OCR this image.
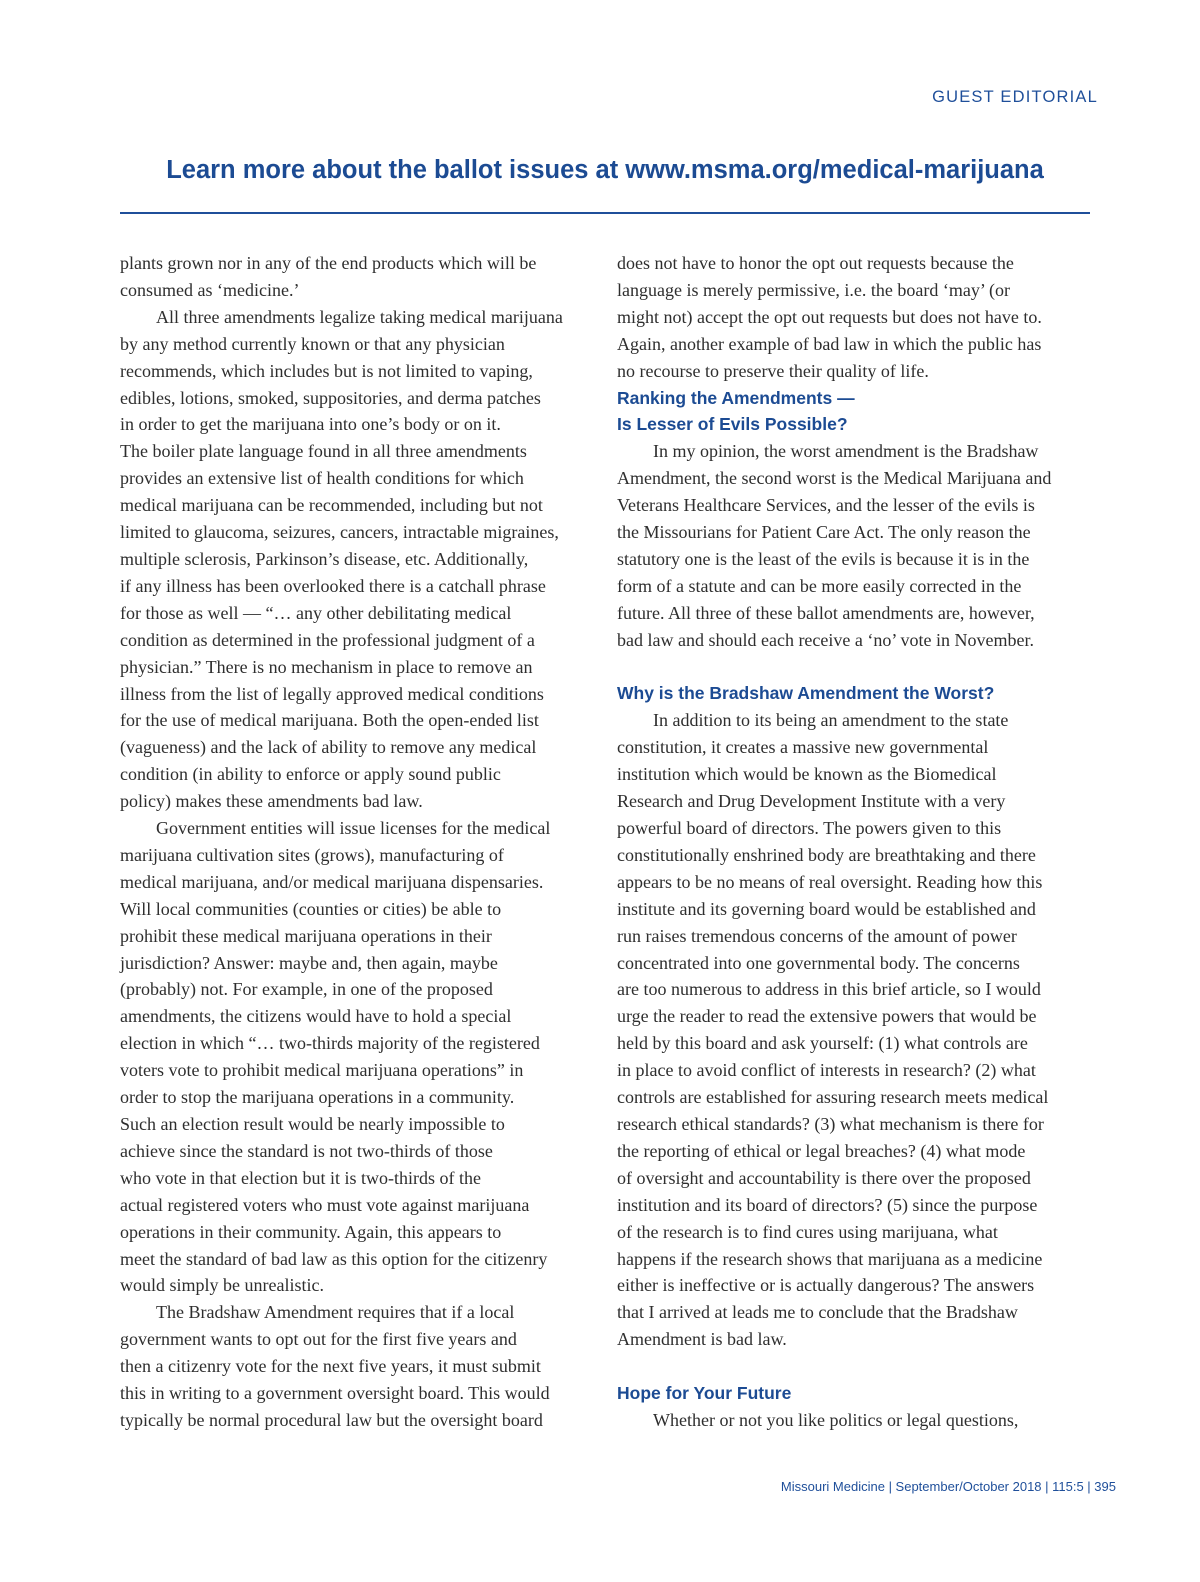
GUEST EDITORIAL
Learn more about the ballot issues at www.msma.org/medical-marijuana

plants grown nor in any of the end products which will be
consumed as ‘medicine.’

All three amendments legalize taking medical marijuana
by any method currently known or that any physician
recommends, which includes but is not limited to vaping,
edibles, lotions, smoked, suppositories, and derma patches
in order to get the marijuana into one’s body or on it.

The boiler plate language found in all three amendments
provides an extensive list of health conditions for which
medical marijuana can be recommended, including but not
limited to glaucoma, seizures, cancers, intractable migraines,
multiple sclerosis, Parkinson’s disease, etc. Additionally,
if any illness has been overlooked there is a catchall phrase
for those as well — “… any other debilitating medical
condition as determined in the professional judgment of a
physician.” There is no mechanism in place to remove an
illness from the list of legally approved medical conditions
for the use of medical marijuana. Both the open-ended list
(vagueness) and the lack of ability to remove any medical
condition (in ability to enforce or apply sound public
policy) makes these amendments bad law.

Government entities will issue licenses for the medical
marijuana cultivation sites (grows), manufacturing of
medical marijuana, and/or medical marijuana dispensaries.
Will local communities (counties or cities) be able to
prohibit these medical marijuana operations in their
jurisdiction? Answer: maybe and, then again, maybe
(probably) not. For example, in one of the proposed
amendments, the citizens would have to hold a special
election in which “… two-thirds majority of the registered
voters vote to prohibit medical marijuana operations” in
order to stop the marijuana operations in a community.
Such an election result would be nearly impossible to
achieve since the standard is not two-thirds of those
who vote in that election but it is two-thirds of the
actual registered voters who must vote against marijuana
operations in their community. Again, this appears to
meet the standard of bad law as this option for the citizenry
would simply be unrealistic.

The Bradshaw Amendment requires that if a local
government wants to opt out for the first five years and
then a citizenry vote for the next five years, it must submit
this in writing to a government oversight board. This would
typically be normal procedural law but the oversight board

does not have to honor the opt out requests because the
language is merely permissive, i.e. the board ‘may’ (or
might not) accept the opt out requests but does not have to.
Again, another example of bad law in which the public has
no recourse to preserve their quality of life.

Ranking the Amendments —
Is Lesser of Evils Possible?

In my opinion, the worst amendment is the Bradshaw
Amendment, the second worst is the Medical Marijuana and
Veterans Healthcare Services, and the lesser of the evils is
the Missourians for Patient Care Act. The only reason the
statutory one is the least of the evils is because it is in the
form of a statute and can be more easily corrected in the
future. All three of these ballot amendments are, however,
bad law and should each receive a ‘no’ vote in November.

Why is the Bradshaw Amendment the Worst?

In addition to its being an amendment to the state
constitution, it creates a massive new governmental
institution which would be known as the Biomedical
Research and Drug Development Institute with a very
powerful board of directors. The powers given to this
constitutionally enshrined body are breathtaking and there
appears to be no means of real oversight. Reading how this
institute and its governing board would be established and
run raises tremendous concerns of the amount of power
concentrated into one governmental body. The concerns
are too numerous to address in this brief article, so I would
urge the reader to read the extensive powers that would be
held by this board and ask yourself: (1) what controls are
in place to avoid conflict of interests in research? (2) what
controls are established for assuring research meets medical
research ethical standards? (3) what mechanism is there for
the reporting of ethical or legal breaches? (4) what mode
of oversight and accountability is there over the proposed
institution and its board of directors? (5) since the purpose
of the research is to find cures using marijuana, what
happens if the research shows that marijuana as a medicine
either is ineffective or is actually dangerous? The answers
that I arrived at leads me to conclude that the Bradshaw
Amendment is bad law.

Hope for Your Future

Whether or not you like politics or legal questions,

Missouri Medicine | September/October 2018 | 115:5 | 395
